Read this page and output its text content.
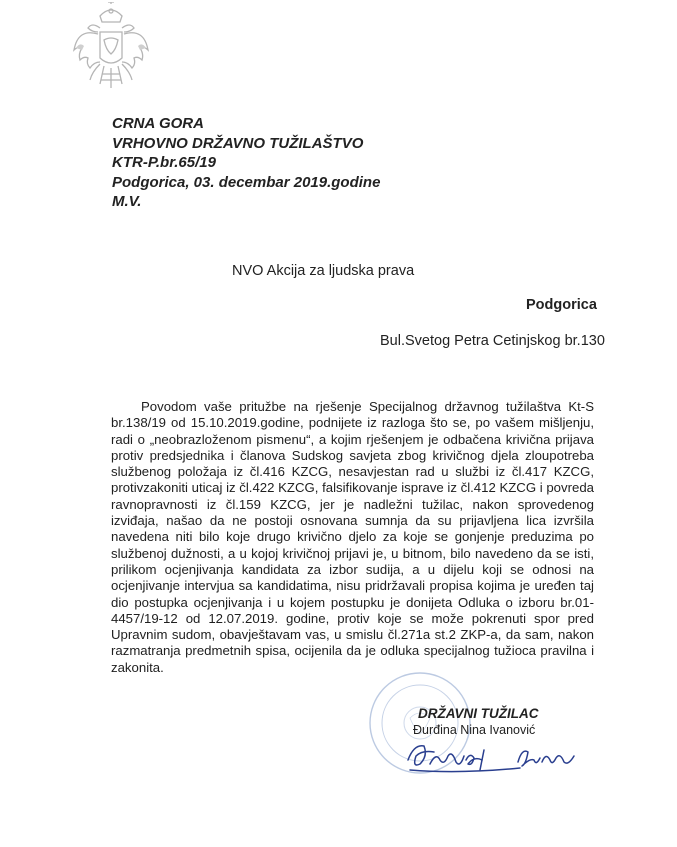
CRNA GORA
VRHOVNO DRŽAVNO TUŽILAŠTVO
KTR-P.br.65/19
Podgorica, 03. decembar 2019.godine
M.V.
NVO Akcija za ljudska prava
Podgorica
Bul.Svetog Petra Cetinjskog br.130
Povodom vaše pritužbe na rješenje Specijalnog državnog tužilaštva Kt-S br.138/19 od 15.10.2019.godine, podnijete iz razloga što se, po vašem mišljenju, radi o „neobrazloženom pismenu“, a kojim rješenjem je odbačena krivična prijava protiv predsjednika i članova Sudskog savjeta zbog krivičnog djela zloupotreba službenog položaja iz čl.416 KZCG, nesavjestan rad u službi iz čl.417 KZCG, protivzakoniti uticaj iz čl.422 KZCG, falsifikovanje isprave iz čl.412 KZCG i povreda ravnopravnosti iz čl.159 KZCG, jer je nadležni tužilac, nakon sprovedenog izviđaja, našao da ne postoji osnovana sumnja da su prijavljena lica izvršila navedena niti bilo koje drugo krivično djelo za koje se gonjenje preduzima po službenoj dužnosti, a u kojoj krivičnoj prijavi je, u bitnom, bilo navedeno da se isti, prilikom ocjenjivanja kandidata za izbor sudija, a u dijelu koji se odnosi na ocjenjivanje intervjua sa kandidatima, nisu pridržavali propisa kojima je uređen taj dio postupka ocjenjivanja i u kojem postupku je donijeta Odluka o izboru br.01-4457/19-12 od 12.07.2019. godine, protiv koje se može pokrenuti spor pred Upravnim sudom, obavještavam vas, u smislu čl.271a st.2 ZKP-a, da sam, nakon razmatranja predmetnih spisa, ocijenila da je odluka specijalnog tužioca pravilna i zakonita.
DRŽAVNI TUŽILAC
Đurđina Nina Ivanović
